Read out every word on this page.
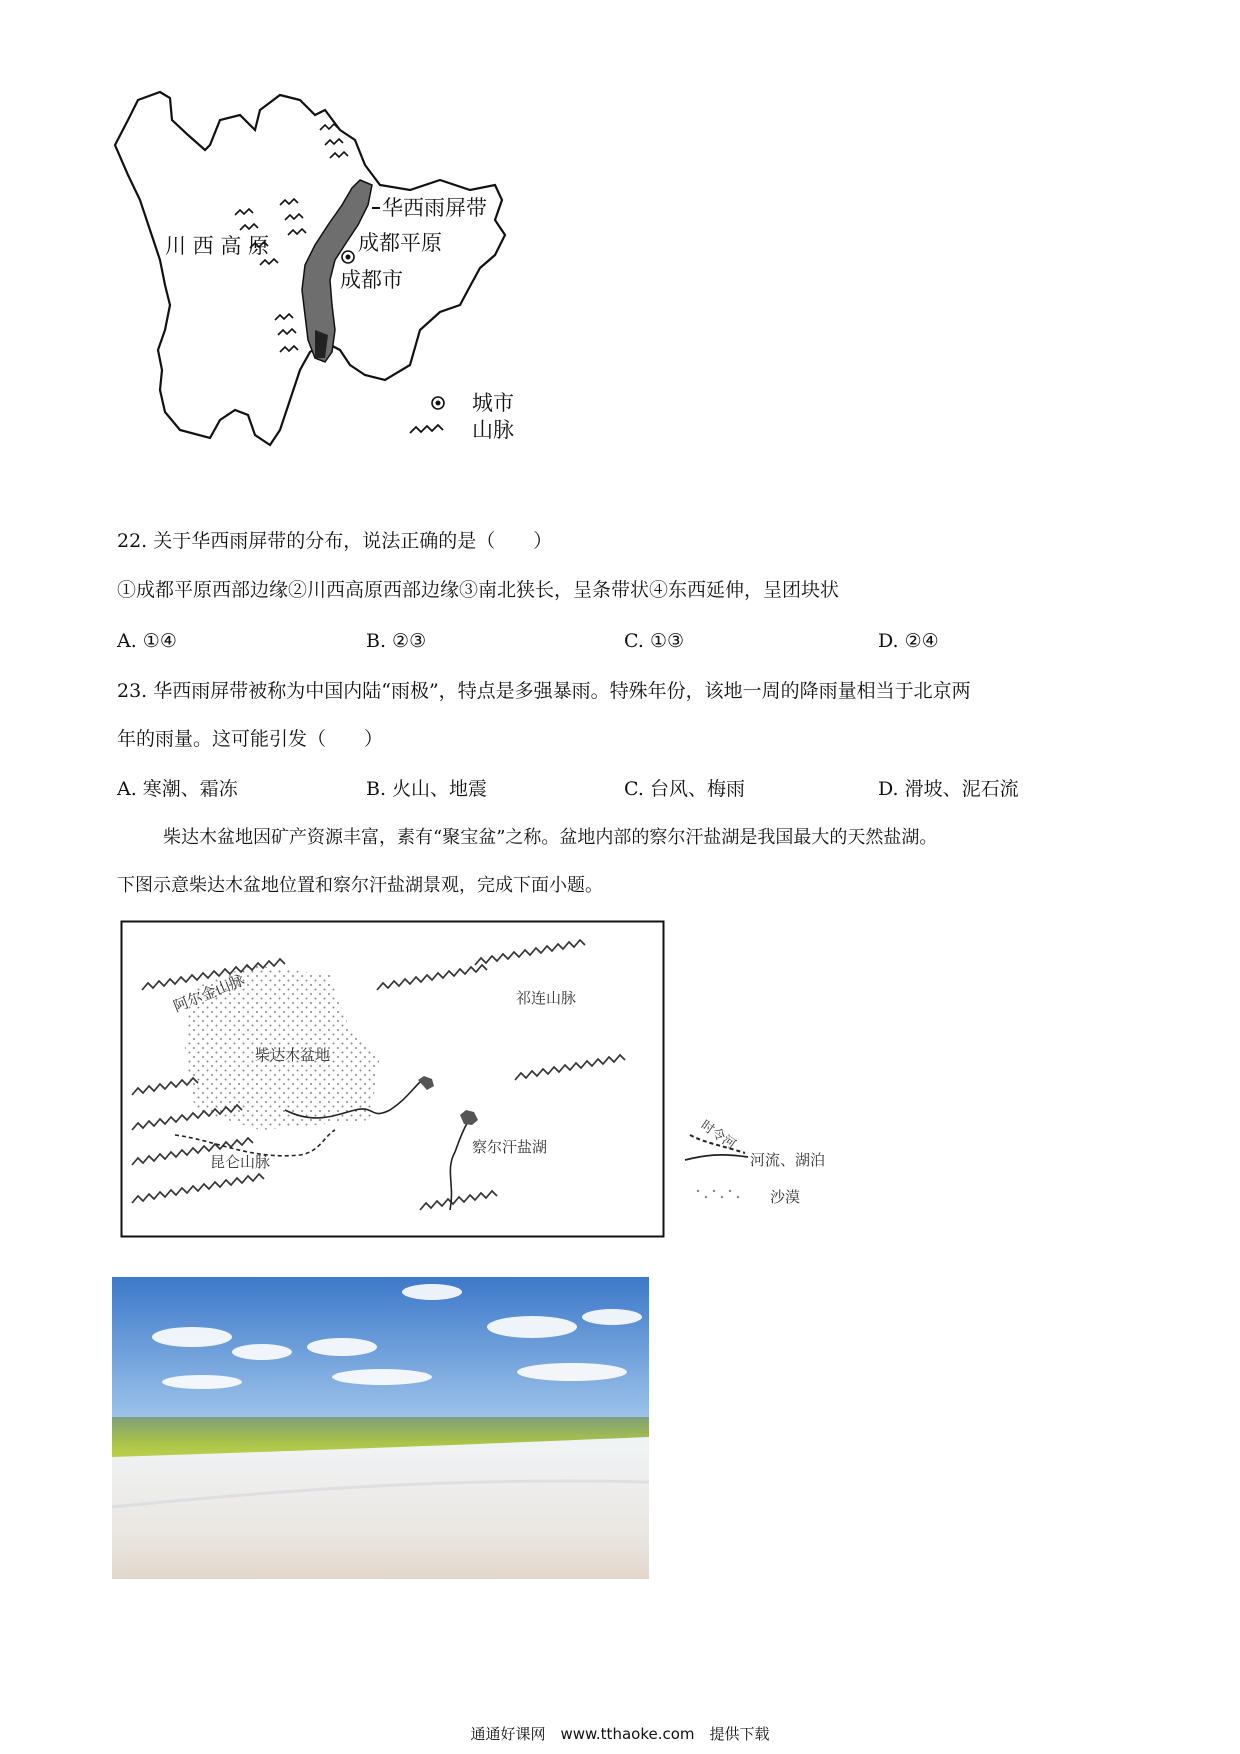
华西雨屏带
川 西 高 原	成都平原
成都市
城市
山脉
22. 关于华西雨屏带的分布，说法正确的是（　　）
①成都平原西部边缘②川西高原西部边缘③南北狭长，呈条带状④东西延伸，呈团块状
A. ①④	B. ②③	C. ①③	D. ②④
23. 华西雨屏带被称为中国内陆“雨极”，特点是多强暴雨。特殊年份，该地一周的降雨量相当于北京两
年的雨量。这可能引发（　　）
A. 寒潮、霜冻	B. 火山、地震	C. 台风、梅雨	D. 滑坡、泥石流
柴达木盆地因矿产资源丰富，素有“聚宝盆”之称。盆地内部的察尔汗盐湖是我国最大的天然盐湖。
下图示意柴达木盆地位置和察尔汗盐湖景观，完成下面小题。
阿尔金山脉	祁连山脉
柴达木盆地
昆仑山脉
察尔汗盐湖	时令河
河流、湖泊
沙漠
通通好课网　www.tthaoke.com　提供下载
